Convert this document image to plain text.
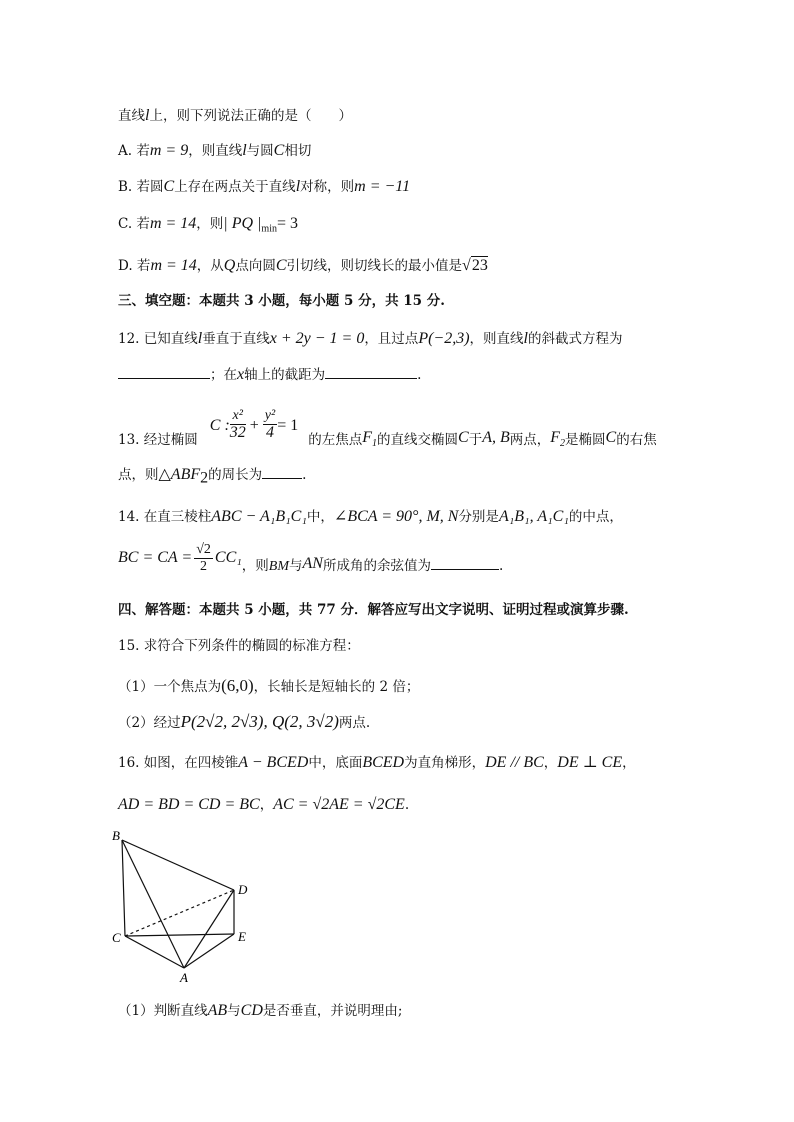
直线l上，则下列说法正确的是（　　）
A. 若m = 9，则直线l与圆C相切
B. 若圆C上存在两点关于直线l对称，则m = −11
C. 若m = 14，则| PQ $|_{min}= 3$
D. 若m = 14，从Q点向圆C引切线，则切线长的最小值是√23
三、填空题：本题共 3 小题，每小题 5 分，共 15 分.
12. 已知直线l垂直于直线x + 2y − 1 = 0，且过点P(−2,3)，则直线l的斜截式方程为
；在x轴上的截距为	.
13. 经过椭圆C : $\frac{\text{x²}}{32} + \frac{\text{y²}}{4} = 1$的左焦点$F_1$的直线交椭圆C于A, B两点，$F_2$是椭圆C的右焦
点，则$\triangle ABF_2$的周长为	.
14. 在直三棱柱ABC − A₁B₁C₁中，∠BCA = 90°, M, N分别是A₁B₁, A₁C₁的中点，
BC = CA = $\frac{√2}{2} CC_1$，则BM与AN所成角的余弦值为	.
四、解答题：本题共 5 小题，共 77 分．解答应写出文字说明、证明过程或演算步骤.
15. 求符合下列条件的椭圆的标准方程：
（1）一个焦点为(6,0)，长轴长是短轴长的 2 倍；
（2）经过P(2√2, 2√3), Q(2, 3√2)两点.
16. 如图，在四棱锥A − BCED中，底面BCED为直角梯形，DE // BC，DE ⊥ CE，
AD = BD = CD = BC，AC = √2AE = √2CE.
B
C
D
E
A
（1）判断直线AB与CD是否垂直，并说明理由;
